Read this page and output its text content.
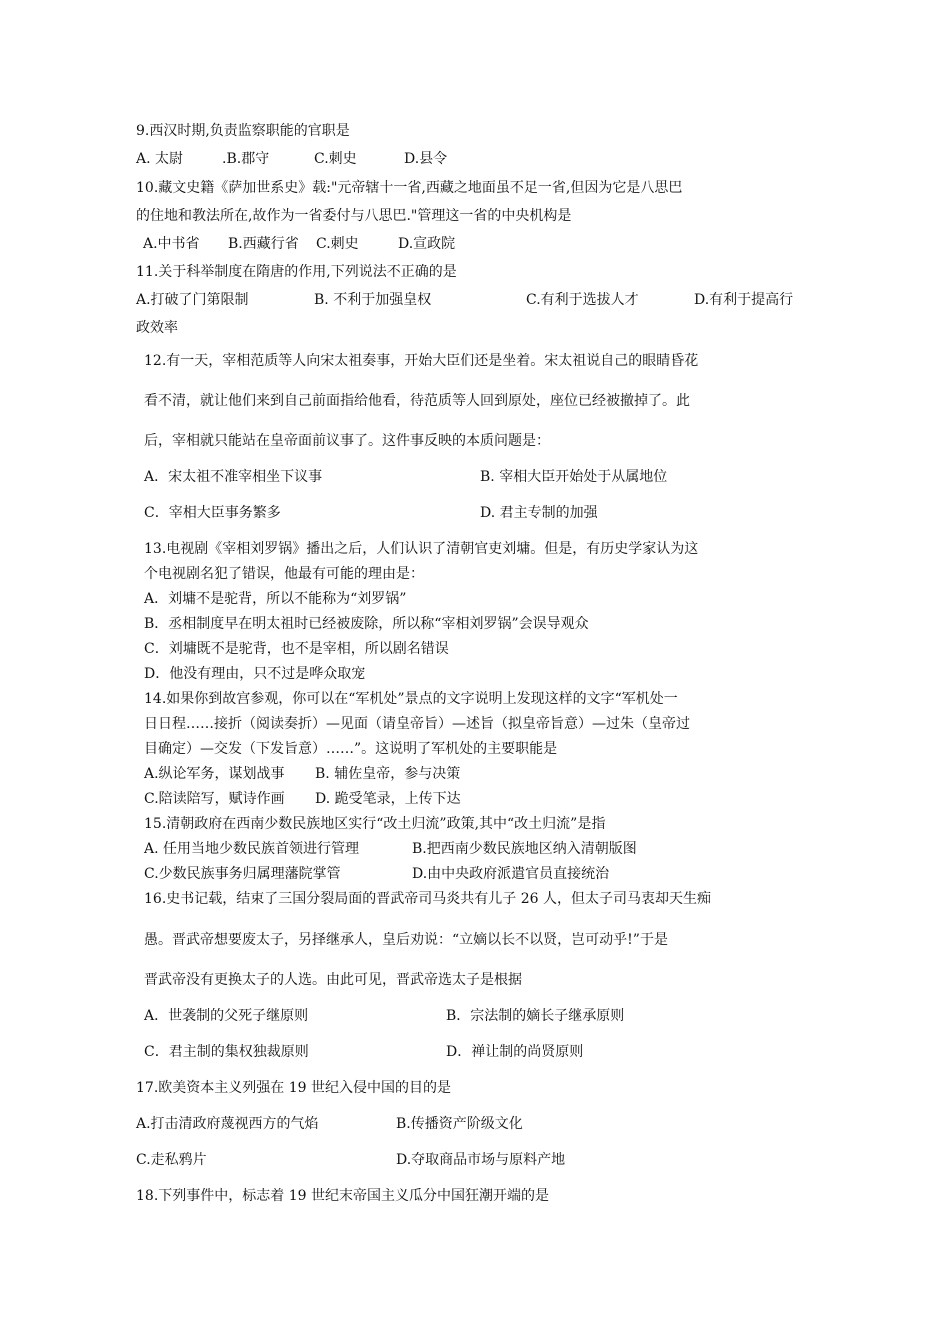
9.西汉时期,负责监察职能的官职是
A. 太尉	.B.郡守	C.刺史	D.县令
10.藏文史籍《萨加世系史》载:"元帝辖十一省,西藏之地面虽不足一省,但因为它是八思巴
的住地和教法所在,故作为一省委付与八思巴."管理这一省的中央机构是
A.中书省 B.西藏行省 C.刺史	D.宣政院
11.关于科举制度在隋唐的作用,下列说法不正确的是
A.打破了门第限制	B. 不利于加强皇权	C.有利于选拔人才	D.有利于提高行
政效率
12.有一天，宰相范质等人向宋太祖奏事，开始大臣们还是坐着。宋太祖说自己的眼睛昏花
看不清，就让他们来到自己前面指给他看，待范质等人回到原处，座位已经被撤掉了。此
后，宰相就只能站在皇帝面前议事了。这件事反映的本质问题是：
A．宋太祖不准宰相坐下议事	B. 宰相大臣开始处于从属地位
C．宰相大臣事务繁多	D. 君主专制的加强
13.电视剧《宰相刘罗锅》播出之后，人们认识了清朝官吏刘墉。但是，有历史学家认为这
个电视剧名犯了错误，他最有可能的理由是：
A．刘墉不是驼背，所以不能称为“刘罗锅”
B．丞相制度早在明太祖时已经被废除，所以称“宰相刘罗锅”会误导观众
C．刘墉既不是驼背，也不是宰相，所以剧名错误
D．他没有理由，只不过是哗众取宠
14.如果你到故宫参观，你可以在“军机处”景点的文字说明上发现这样的文字“军机处一
日日程……接折（阅读奏折）—见面（请皇帝旨）—述旨（拟皇帝旨意）—过朱（皇帝过
目确定）—交发（下发旨意）……”。这说明了军机处的主要职能是
A.纵论军务，谋划战事 B. 辅佐皇帝，参与决策
C.陪读陪写，赋诗作画 D. 跪受笔录，上传下达
15.清朝政府在西南少数民族地区实行“改土归流”政策,其中“改土归流”是指
A. 任用当地少数民族首领进行管理	B.把西南少数民族地区纳入清朝版图
C.少数民族事务归属理藩院掌管	D.由中央政府派遣官员直接统治
16.史书记载，结束了三国分裂局面的晋武帝司马炎共有儿子 26 人，但太子司马衷却天生痴
愚。晋武帝想要废太子，另择继承人，皇后劝说：“立嫡以长不以贤，岂可动乎!”于是
晋武帝没有更换太子的人选。由此可见，晋武帝选太子是根据
A．世袭制的父死子继原则	B．宗法制的嫡长子继承原则
C．君主制的集权独裁原则	D．禅让制的尚贤原则
17.欧美资本主义列强在 19 世纪入侵中国的目的是
A.打击清政府蔑视西方的气焰	B.传播资产阶级文化
C.走私鸦片	D.夺取商品市场与原料产地
18.下列事件中，标志着 19 世纪末帝国主义瓜分中国狂潮开端的是
